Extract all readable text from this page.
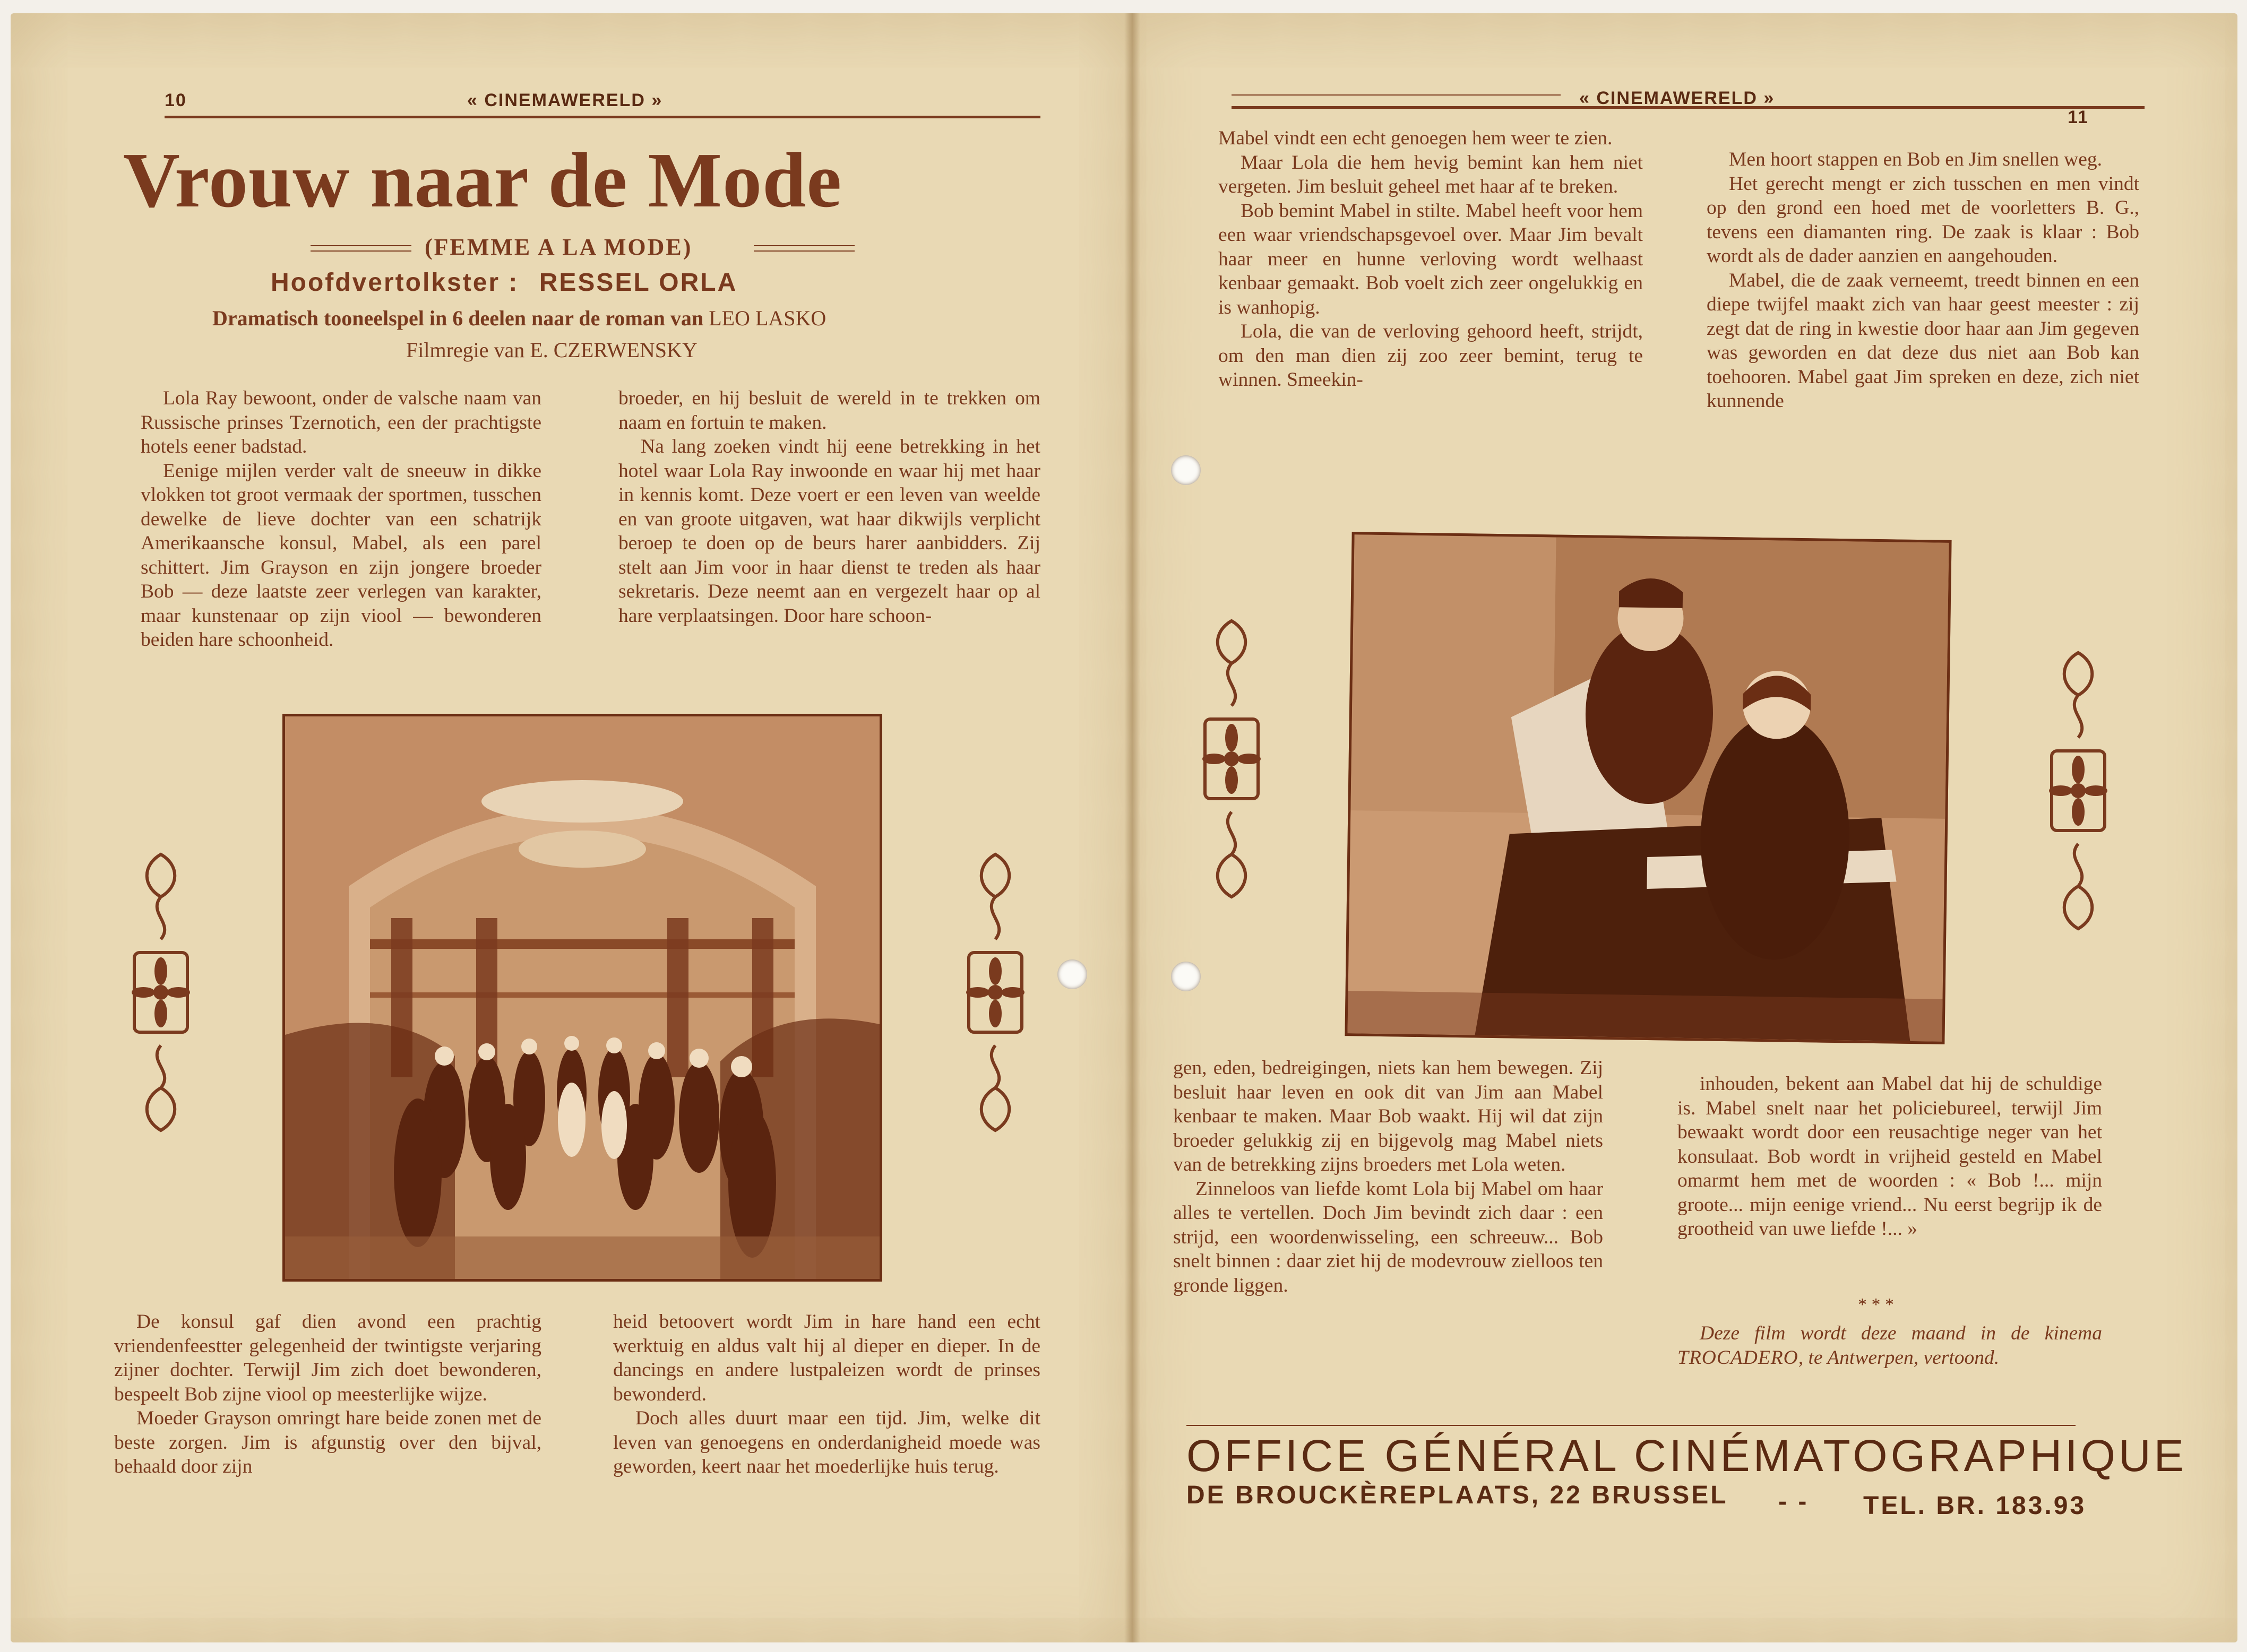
10	« CINEMAWERELD »
Vrouw naar de Mode
(FEMME A LA MODE)
Hoofdvertolkster : RESSEL ORLA
Dramatisch tooneelspel in 6 deelen naar de roman van LEO LASKO
Filmregie van E. CZERWENSKY

Lola Ray bewoont, onder de valsche naam van Russische prinses Tzernotich, een der prachtigste hotels eener badstad.

Eenige mijlen verder valt de sneeuw in dikke vlokken tot groot vermaak der sportmen, tusschen dewelke de lieve dochter van een schatrijk Amerikaansche konsul, Mabel, als een parel schittert. Jim Grayson en zijn jongere broeder Bob — deze laatste zeer verlegen van karakter, maar kunstenaar op zijn viool — bewonderen beiden hare schoonheid.

broeder, en hij besluit de wereld in te trekken om naam en fortuin te maken.

Na lang zoeken vindt hij eene betrekking in het hotel waar Lola Ray inwoonde en waar hij met haar in kennis komt. Deze voert er een leven van weelde en van groote uitgaven, wat haar dikwijls verplicht beroep te doen op de beurs harer aanbidders. Zij stelt aan Jim voor in haar dienst te treden als haar sekretaris. Deze neemt aan en vergezelt haar op al hare verplaatsingen. Door hare schoon-

De konsul gaf dien avond een prachtig vriendenfeestter gelegenheid der twintigste verjaring zijner dochter. Terwijl Jim zich doet bewonderen, bespeelt Bob zijne viool op meesterlijke wijze.

Moeder Grayson omringt hare beide zonen met de beste zorgen. Jim is afgunstig over den bijval, behaald door zijn

heid betoovert wordt Jim in hare hand een echt werktuig en aldus valt hij al dieper en dieper. In de dancings en andere lustpaleizen wordt de prinses bewonderd.

Doch alles duurt maar een tijd. Jim, welke dit leven van genoegens en onderdanigheid moede was geworden, keert naar het moederlijke huis terug.

« CINEMAWERELD »
11

Mabel vindt een echt genoegen hem weer te zien.

Maar Lola die hem hevig bemint kan hem niet vergeten. Jim besluit geheel met haar af te breken.

Bob bemint Mabel in stilte. Mabel heeft voor hem een waar vriendschapsgevoel over. Maar Jim bevalt haar meer en hunne verloving wordt welhaast kenbaar gemaakt. Bob voelt zich zeer ongelukkig en is wanhopig.

Lola, die van de verloving gehoord heeft, strijdt, om den man dien zij zoo zeer bemint, terug te winnen. Smeekin-

Men hoort stappen en Bob en Jim snellen weg.

Het gerecht mengt er zich tusschen en men vindt op den grond een hoed met de voorletters B. G., tevens een diamanten ring. De zaak is klaar : Bob wordt als de dader aanzien en aangehouden.

Mabel, die de zaak verneemt, treedt binnen en een diepe twijfel maakt zich van haar geest meester : zij zegt dat de ring in kwestie door haar aan Jim gegeven was geworden en dat deze dus niet aan Bob kan toehooren. Mabel gaat Jim spreken en deze, zich niet kunnende

gen, eden, bedreigingen, niets kan hem bewegen. Zij besluit haar leven en ook dit van Jim aan Mabel kenbaar te maken. Maar Bob waakt. Hij wil dat zijn broeder gelukkig zij en bijgevolg mag Mabel niets van de betrekking zijns broeders met Lola weten.

Zinneloos van liefde komt Lola bij Mabel om haar alles te vertellen. Doch Jim bevindt zich daar : een strijd, een woordenwisseling, een schreeuw... Bob snelt binnen : daar ziet hij de modevrouw zielloos ten gronde liggen.

inhouden, bekent aan Mabel dat hij de schuldige is. Mabel snelt naar het policiebureel, terwijl Jim bewaakt wordt door een reusachtige neger van het konsulaat. Bob wordt in vrijheid gesteld en Mabel omarmt hem met de woorden : « Bob !... mijn groote... mijn eenige vriend... Nu eerst begrijp ik de grootheid van uwe liefde !... »

* * *

Deze film wordt deze maand in de kinema TROCADERO, te Antwerpen, vertoond.

OFFICE GÉNÉRAL CINÉMATOGRAPHIQUE
DE BROUCKÈREPLAATS, 22 BRUSSEL - - TEL. BR. 183.93
